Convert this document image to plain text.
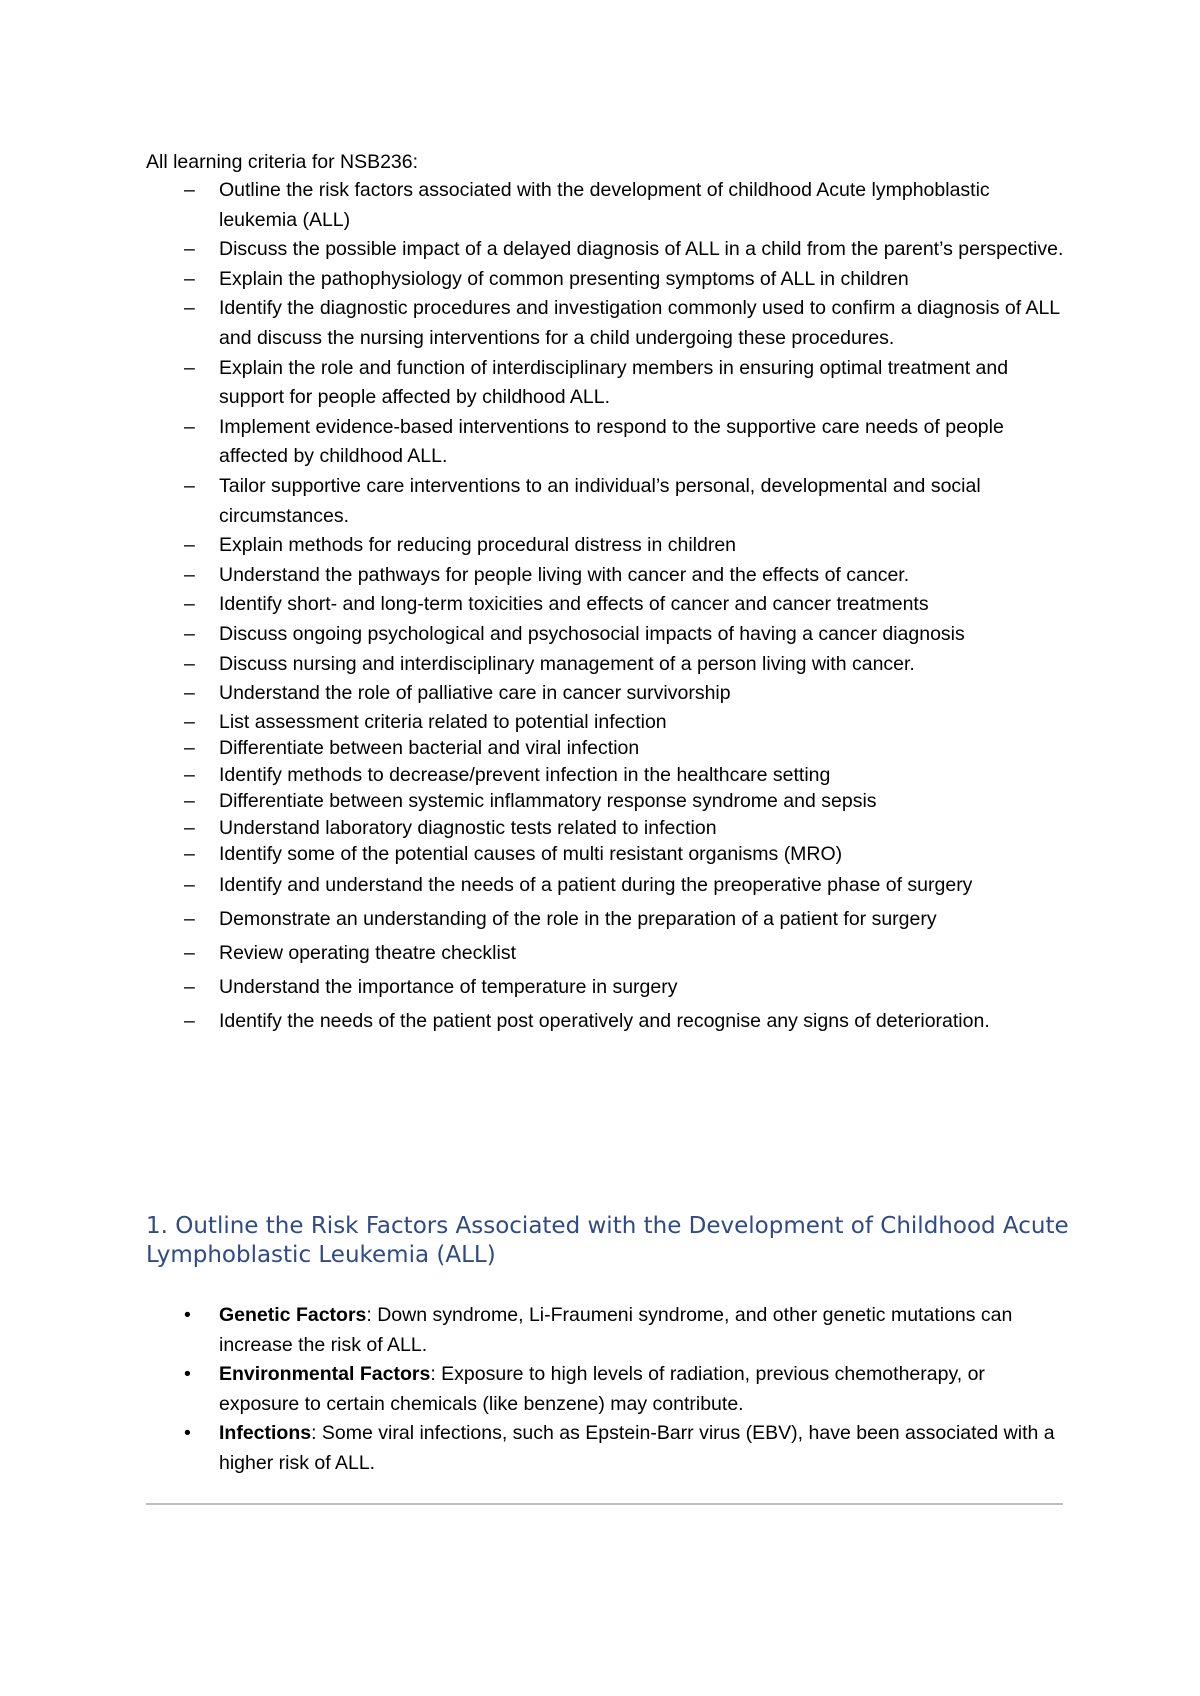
All learning criteria for NSB236:

– Outline the risk factors associated with the development of childhood Acute lymphoblastic leukemia (ALL)
– Discuss the possible impact of a delayed diagnosis of ALL in a child from the parent’s perspective.
– Explain the pathophysiology of common presenting symptoms of ALL in children
– Identify the diagnostic procedures and investigation commonly used to confirm a diagnosis of ALL and discuss the nursing interventions for a child undergoing these procedures.
– Explain the role and function of interdisciplinary members in ensuring optimal treatment and support for people affected by childhood ALL.
– Implement evidence-based interventions to respond to the supportive care needs of people affected by childhood ALL.
– Tailor supportive care interventions to an individual’s personal, developmental and social circumstances.
– Explain methods for reducing procedural distress in children
– Understand the pathways for people living with cancer and the effects of cancer.
– Identify short- and long-term toxicities and effects of cancer and cancer treatments
– Discuss ongoing psychological and psychosocial impacts of having a cancer diagnosis
– Discuss nursing and interdisciplinary management of a person living with cancer.
– Understand the role of palliative care in cancer survivorship
– List assessment criteria related to potential infection
– Differentiate between bacterial and viral infection
– Identify methods to decrease/prevent infection in the healthcare setting
– Differentiate between systemic inflammatory response syndrome and sepsis
– Understand laboratory diagnostic tests related to infection
– Identify some of the potential causes of multi resistant organisms (MRO)
– Identify and understand the needs of a patient during the preoperative phase of surgery
– Demonstrate an understanding of the role in the preparation of a patient for surgery
– Review operating theatre checklist
– Understand the importance of temperature in surgery
– Identify the needs of the patient post operatively and recognise any signs of deterioration.
1. Outline the Risk Factors Associated with the Development of Childhood Acute Lymphoblastic Leukemia (ALL)
• Genetic Factors: Down syndrome, Li-Fraumeni syndrome, and other genetic mutations can increase the risk of ALL.
• Environmental Factors: Exposure to high levels of radiation, previous chemotherapy, or exposure to certain chemicals (like benzene) may contribute.
• Infections: Some viral infections, such as Epstein-Barr virus (EBV), have been associated with a higher risk of ALL.
